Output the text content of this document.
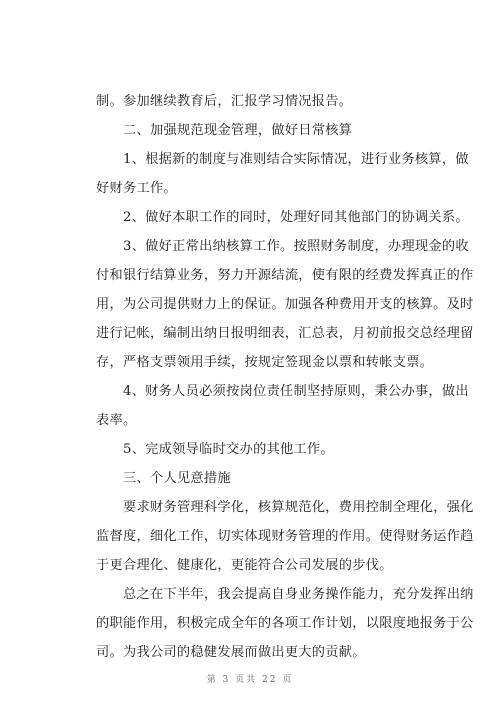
制。参加继续教育后，汇报学习情况报告。
二、加强规范现金管理，做好日常核算
1、根据新的制度与准则结合实际情况，进行业务核算，做
好财务工作。
2、做好本职工作的同时，处理好同其他部门的协调关系。
3、做好正常出纳核算工作。按照财务制度，办理现金的收
付和银行结算业务，努力开源结流，使有限的经费发挥真正的作
用，为公司提供财力上的保证。加强各种费用开支的核算。及时
进行记帐，编制出纳日报明细表，汇总表，月初前报交总经理留
存，严格支票领用手续，按规定签现金以票和转帐支票。
4、财务人员必须按岗位责任制坚持原则，秉公办事，做出
表率。
5、完成领导临时交办的其他工作。
三、个人见意措施
要求财务管理科学化，核算规范化，费用控制全理化，强化
监督度，细化工作，切实体现财务管理的作用。使得财务运作趋
于更合理化、健康化，更能符合公司发展的步伐。
总之在下半年，我会提高自身业务操作能力，充分发挥出纳
的职能作用，积极完成全年的各项工作计划，以限度地报务于公
司。为我公司的稳健发展而做出更大的贡献。
第 3 页共 22 页
